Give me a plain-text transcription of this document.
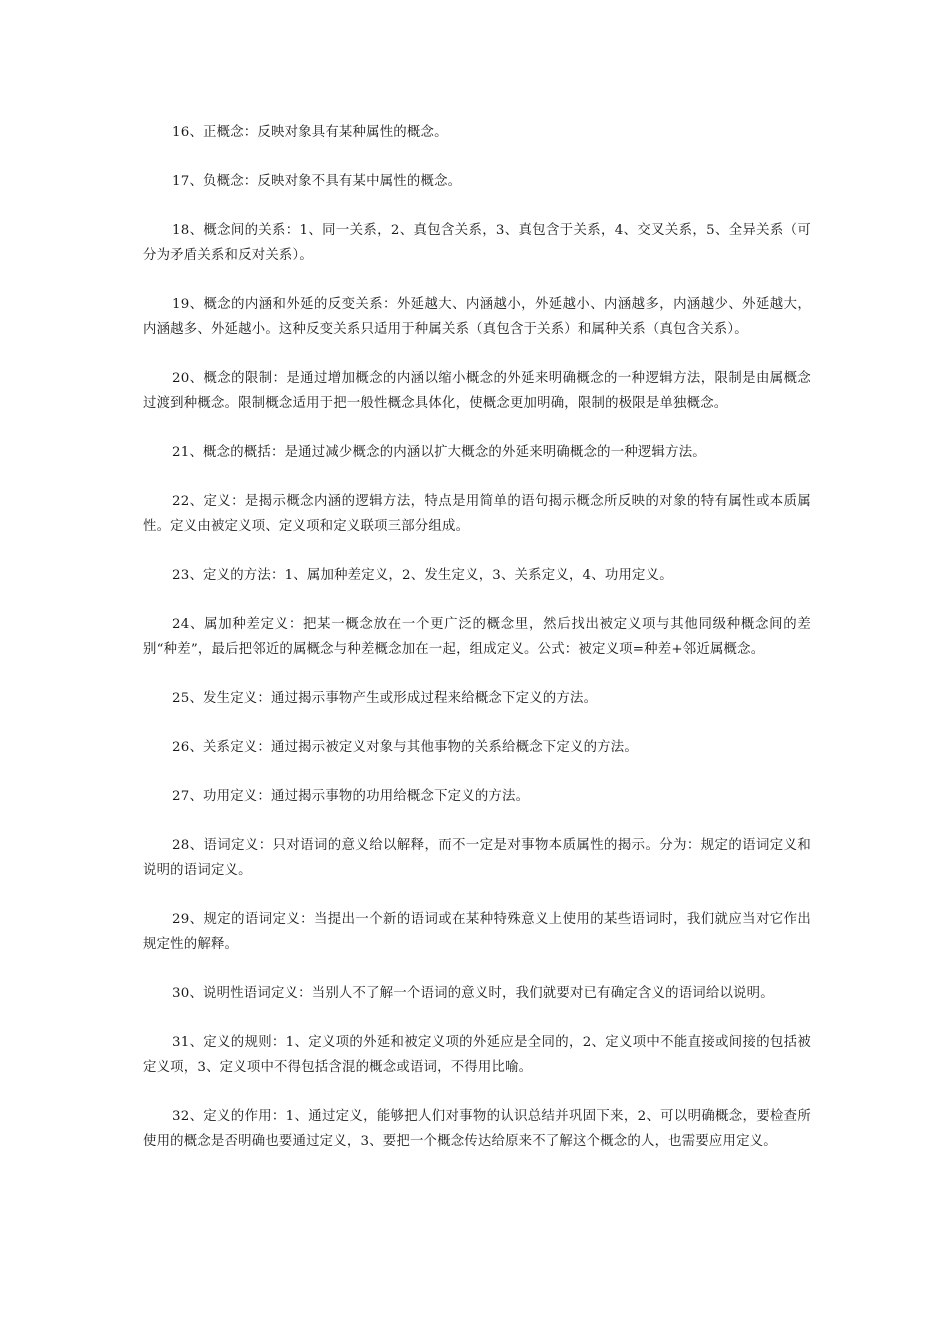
16、正概念：反映对象具有某种属性的概念。

17、负概念：反映对象不具有某中属性的概念。

18、概念间的关系：1、同一关系，2、真包含关系，3、真包含于关系，4、交叉关系，5、全异关系（可分为矛盾关系和反对关系）。

19、概念的内涵和外延的反变关系：外延越大、内涵越小，外延越小、内涵越多，内涵越少、外延越大，内涵越多、外延越小。这种反变关系只适用于种属关系（真包含于关系）和属种关系（真包含关系）。

20、概念的限制：是通过增加概念的内涵以缩小概念的外延来明确概念的一种逻辑方法，限制是由属概念过渡到种概念。限制概念适用于把一般性概念具体化，使概念更加明确，限制的极限是单独概念。

21、概念的概括：是通过减少概念的内涵以扩大概念的外延来明确概念的一种逻辑方法。

22、定义：是揭示概念内涵的逻辑方法，特点是用简单的语句揭示概念所反映的对象的特有属性或本质属性。定义由被定义项、定义项和定义联项三部分组成。

23、定义的方法：1、属加种差定义，2、发生定义，3、关系定义，4、功用定义。

24、属加种差定义：把某一概念放在一个更广泛的概念里，然后找出被定义项与其他同级种概念间的差别“种差”，最后把邻近的属概念与种差概念加在一起，组成定义。公式：被定义项=种差+邻近属概念。

25、发生定义：通过揭示事物产生或形成过程来给概念下定义的方法。

26、关系定义：通过揭示被定义对象与其他事物的关系给概念下定义的方法。

27、功用定义：通过揭示事物的功用给概念下定义的方法。

28、语词定义：只对语词的意义给以解释，而不一定是对事物本质属性的揭示。分为：规定的语词定义和说明的语词定义。

29、规定的语词定义：当提出一个新的语词或在某种特殊意义上使用的某些语词时，我们就应当对它作出规定性的解释。

30、说明性语词定义：当别人不了解一个语词的意义时，我们就要对已有确定含义的语词给以说明。

31、定义的规则：1、定义项的外延和被定义项的外延应是全同的，2、定义项中不能直接或间接的包括被定义项，3、定义项中不得包括含混的概念或语词，不得用比喻。

32、定义的作用：1、通过定义，能够把人们对事物的认识总结并巩固下来，2、可以明确概念，要检查所使用的概念是否明确也要通过定义，3、要把一个概念传达给原来不了解这个概念的人，也需要应用定义。
